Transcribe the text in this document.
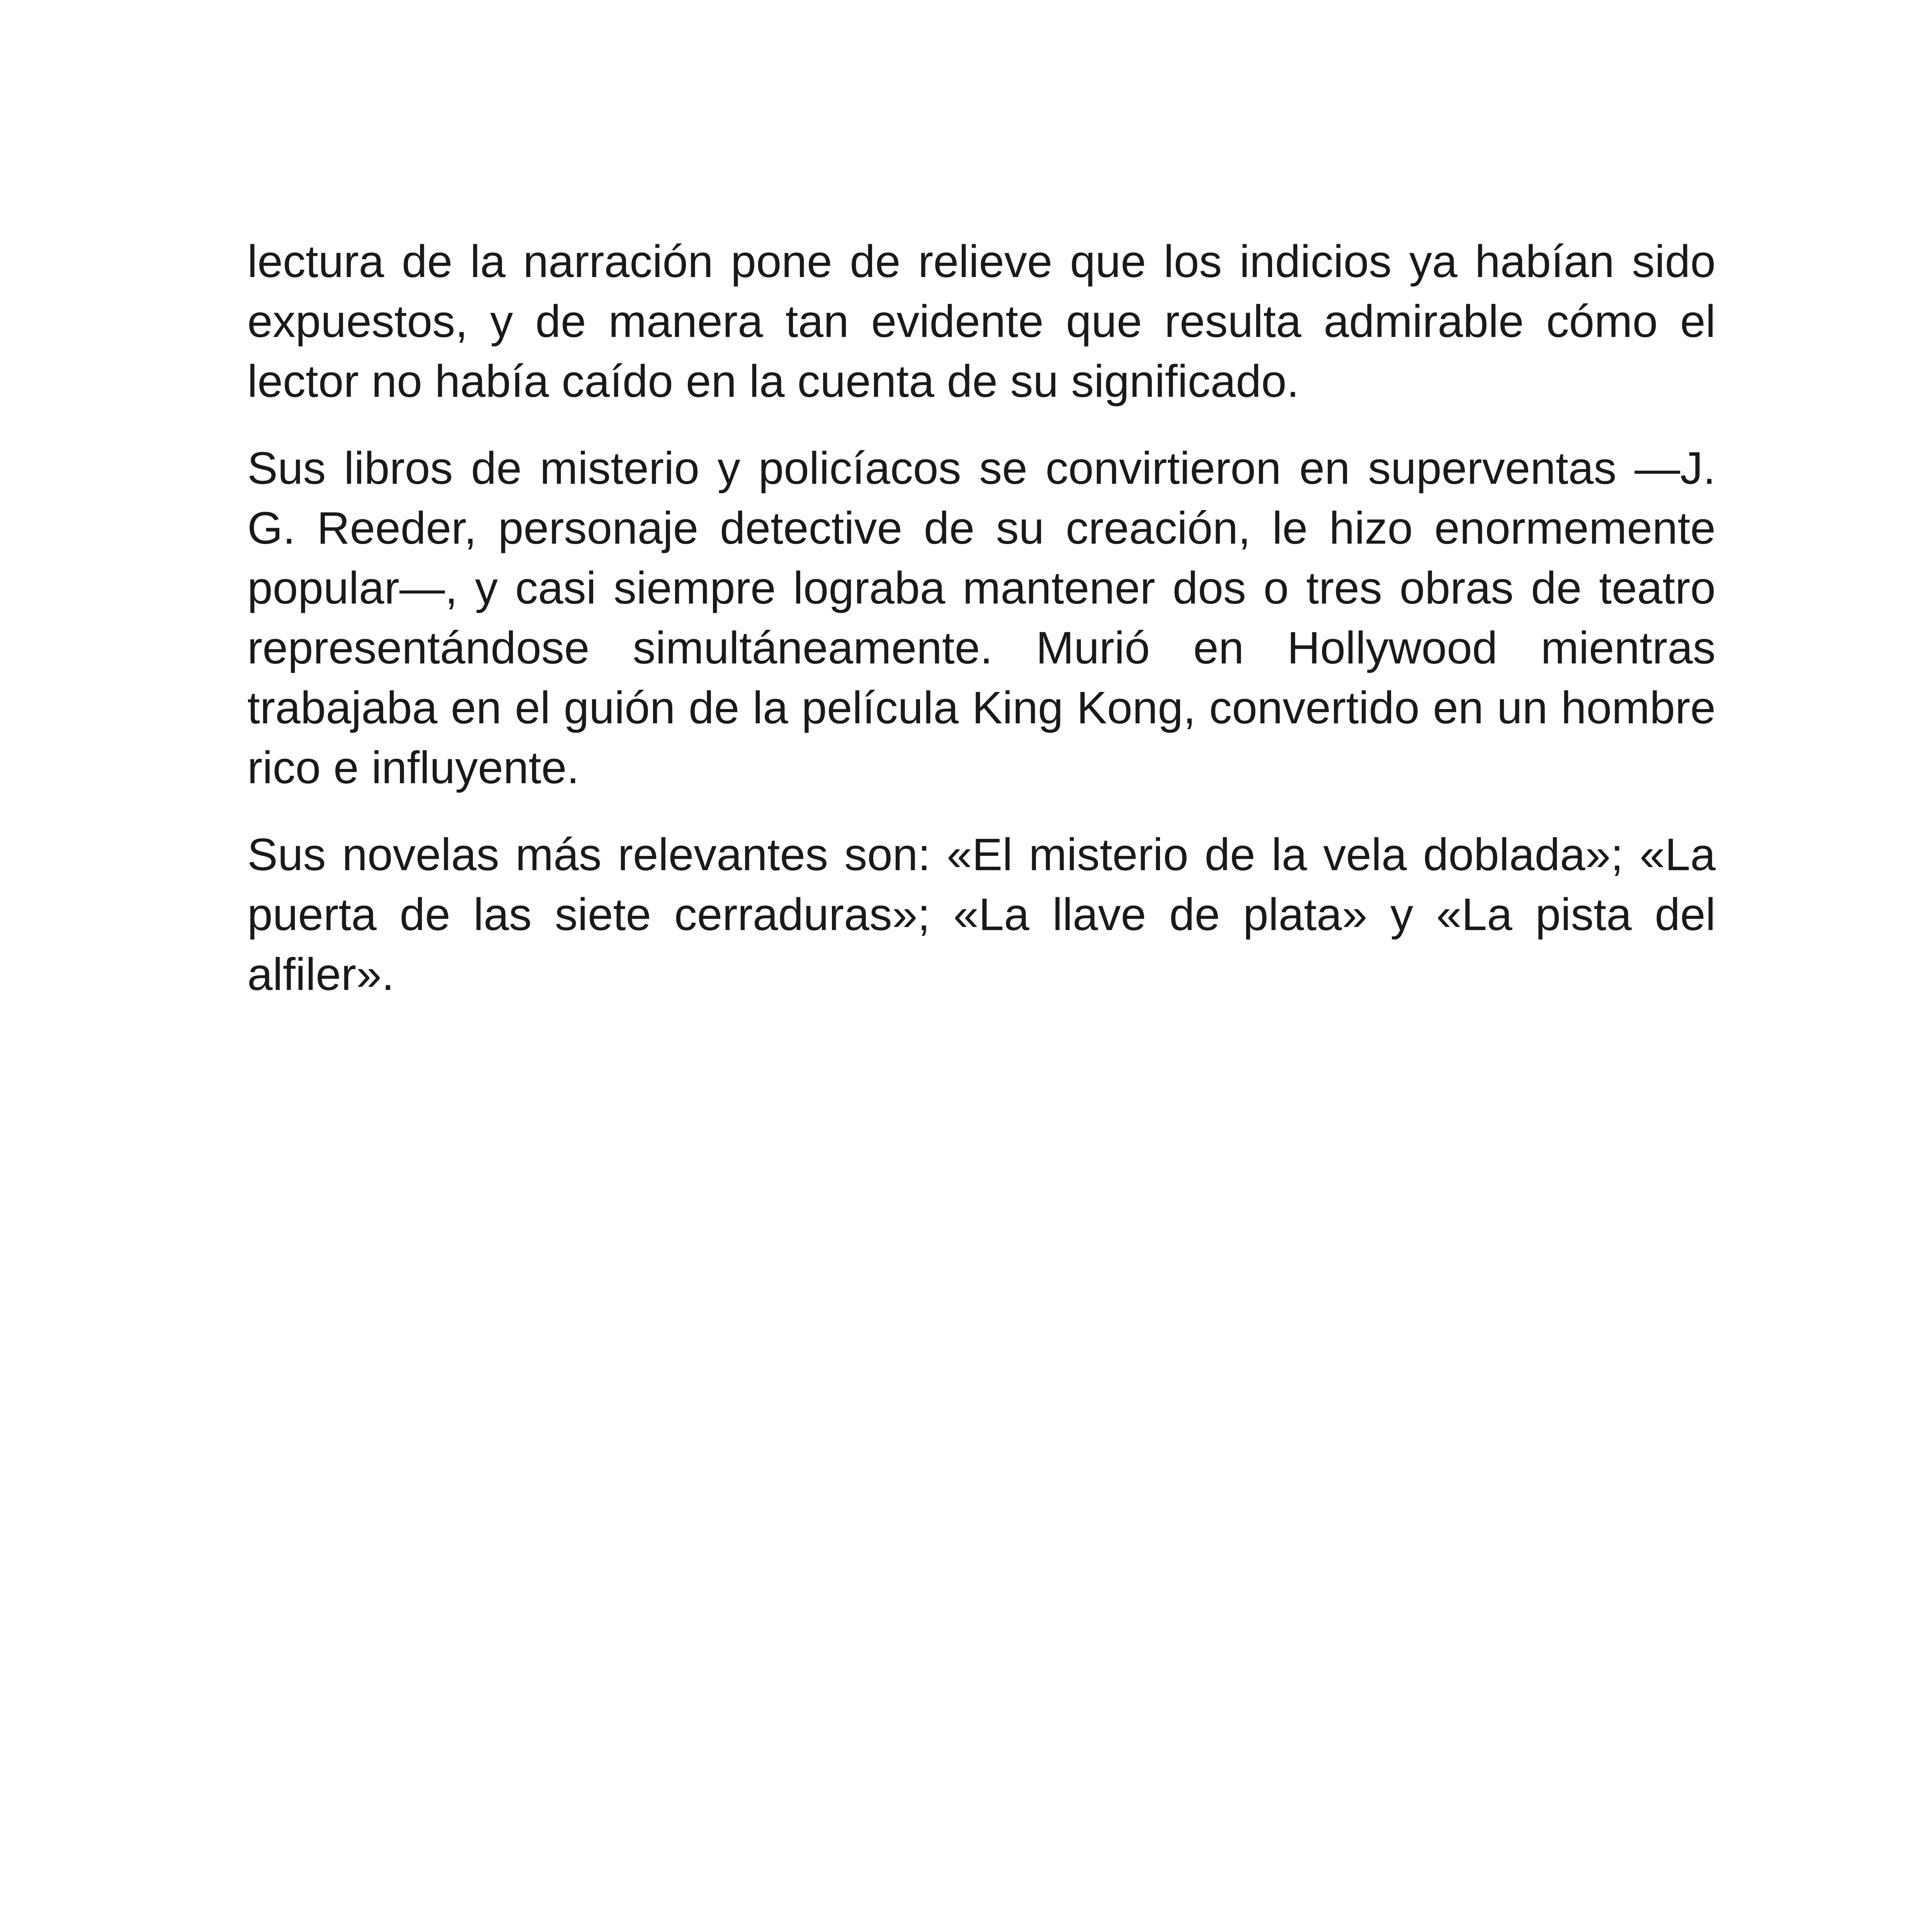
lectura de la narración pone de relieve que los indicios ya habían sido expuestos, y de manera tan evidente que resulta admirable cómo el lector no había caído en la cuenta de su significado.

Sus libros de misterio y policíacos se convirtieron en superventas —J. G. Reeder, personaje detective de su creación, le hizo enormemente popular—, y casi siempre lograba mantener dos o tres obras de teatro representándose simultáneamente. Murió en Hollywood mientras trabajaba en el guión de la película King Kong, convertido en un hombre rico e influyente.

Sus novelas más relevantes son: «El misterio de la vela doblada»; «La puerta de las siete cerraduras»; «La llave de plata» y «La pista del alfiler».
